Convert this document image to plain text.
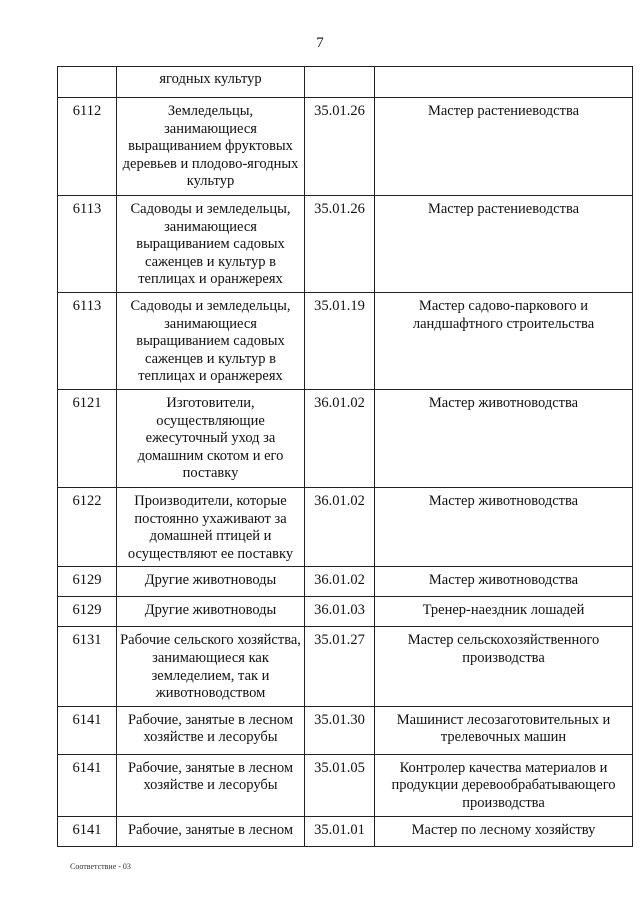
7
	ягодных культур		
6112	Земледельцы, занимающиеся выращиванием фруктовых деревьев и плодово-ягодных культур	35.01.26	Мастер растениеводства
6113	Садоводы и земледельцы, занимающиеся выращиванием садовых саженцев и культур в теплицах и оранжереях	35.01.26	Мастер растениеводства
6113	Садоводы и земледельцы, занимающиеся выращиванием садовых саженцев и культур в теплицах и оранжереях	35.01.19	Мастер садово-паркового и ландшафтного строительства
6121	Изготовители, осуществляющие ежесуточный уход за домашним скотом и его поставку	36.01.02	Мастер животноводства
6122	Производители, которые постоянно ухаживают за домашней птицей и осуществляют ее поставку	36.01.02	Мастер животноводства
6129	Другие животноводы	36.01.02	Мастер животноводства
6129	Другие животноводы	36.01.03	Тренер-наездник лошадей
6131	Рабочие сельского хозяйства, занимающиеся как земледелием, так и животноводством	35.01.27	Мастер сельскохозяйственного производства
6141	Рабочие, занятые в лесном хозяйстве и лесорубы	35.01.30	Машинист лесозаготовительных и трелевочных машин
6141	Рабочие, занятые в лесном хозяйстве и лесорубы	35.01.05	Контролер качества материалов и продукции деревообрабатывающего производства
6141	Рабочие, занятые в лесном	35.01.01	Мастер по лесному хозяйству
Соответствие - 03
